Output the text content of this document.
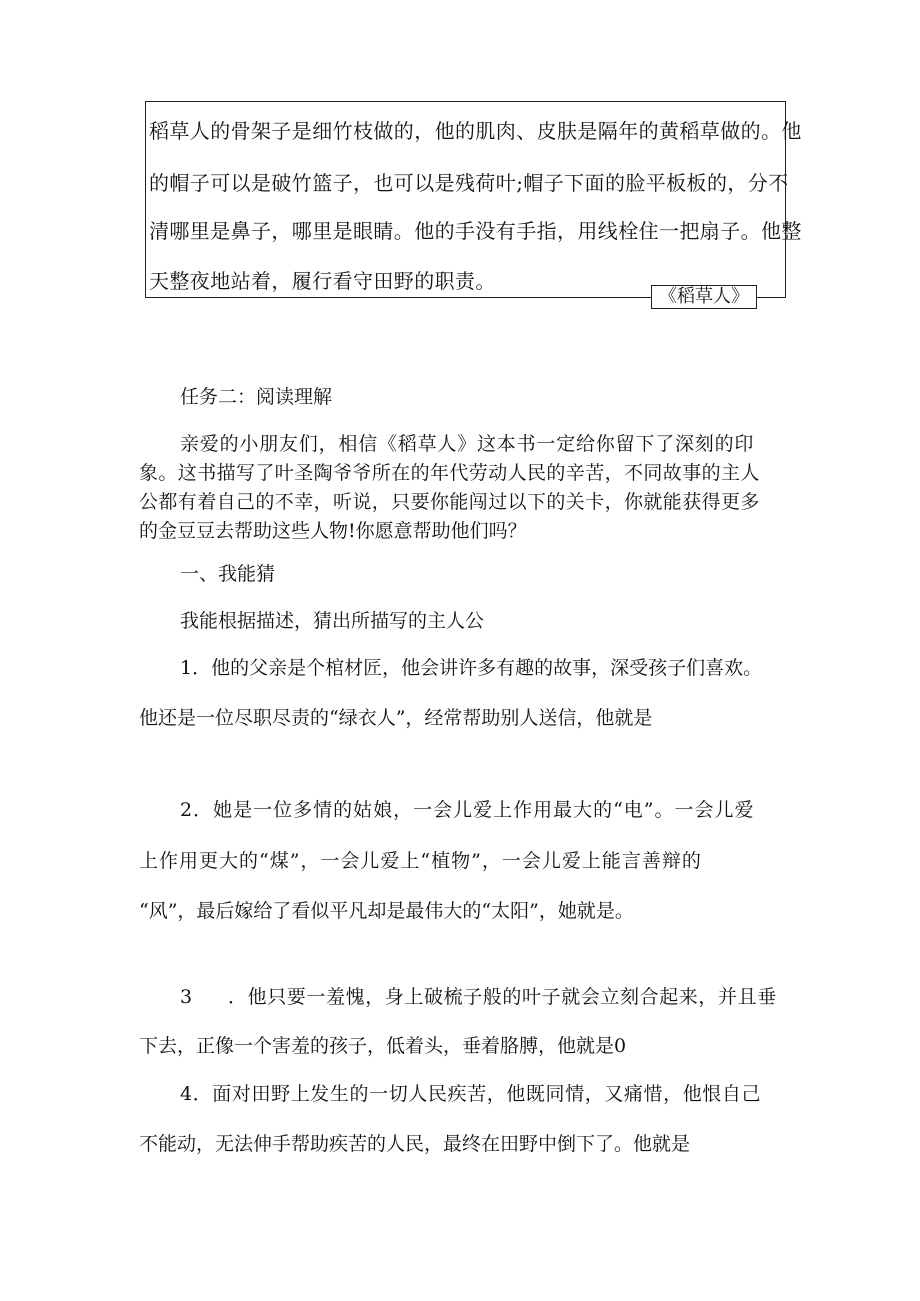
稻草人的骨架子是细竹枝做的，他的肌肉、皮肤是隔年的黄稻草做的。他
的帽子可以是破竹篮子，也可以是残荷叶;帽子下面的脸平板板的，分不
清哪里是鼻子，哪里是眼睛。他的手没有手指，用线栓住一把扇子。他整
天整夜地站着，履行看守田野的职责。
《稻草人》
任务二：阅读理解
亲爱的小朋友们，相信《稻草人》这本书一定给你留下了深刻的印
象。这书描写了叶圣陶爷爷所在的年代劳动人民的辛苦，不同故事的主人
公都有着自己的不幸，听说，只要你能闯过以下的关卡，你就能获得更多
的金豆豆去帮助这些人物!你愿意帮助他们吗？
一、我能猜
我能根据描述，猜出所描写的主人公
1．他的父亲是个棺材匠，他会讲许多有趣的故事，深受孩子们喜欢。
他还是一位尽职尽责的“绿衣人”，经常帮助别人送信，他就是
2．她是一位多情的姑娘，一会儿爱上作用最大的“电”。一会儿爱
上作用更大的“煤”，一会儿爱上“植物”，一会儿爱上能言善辩的
“风”，最后嫁给了看似平凡却是最伟大的“太阳”，她就是。
3 ．他只要一羞愧，身上破梳子般的叶子就会立刻合起来，并且垂
下去，正像一个害羞的孩子，低着头，垂着胳膊，他就是0
4．面对田野上发生的一切人民疾苦，他既同情，又痛惜，他恨自己
不能动，无法伸手帮助疾苦的人民，最终在田野中倒下了。他就是
